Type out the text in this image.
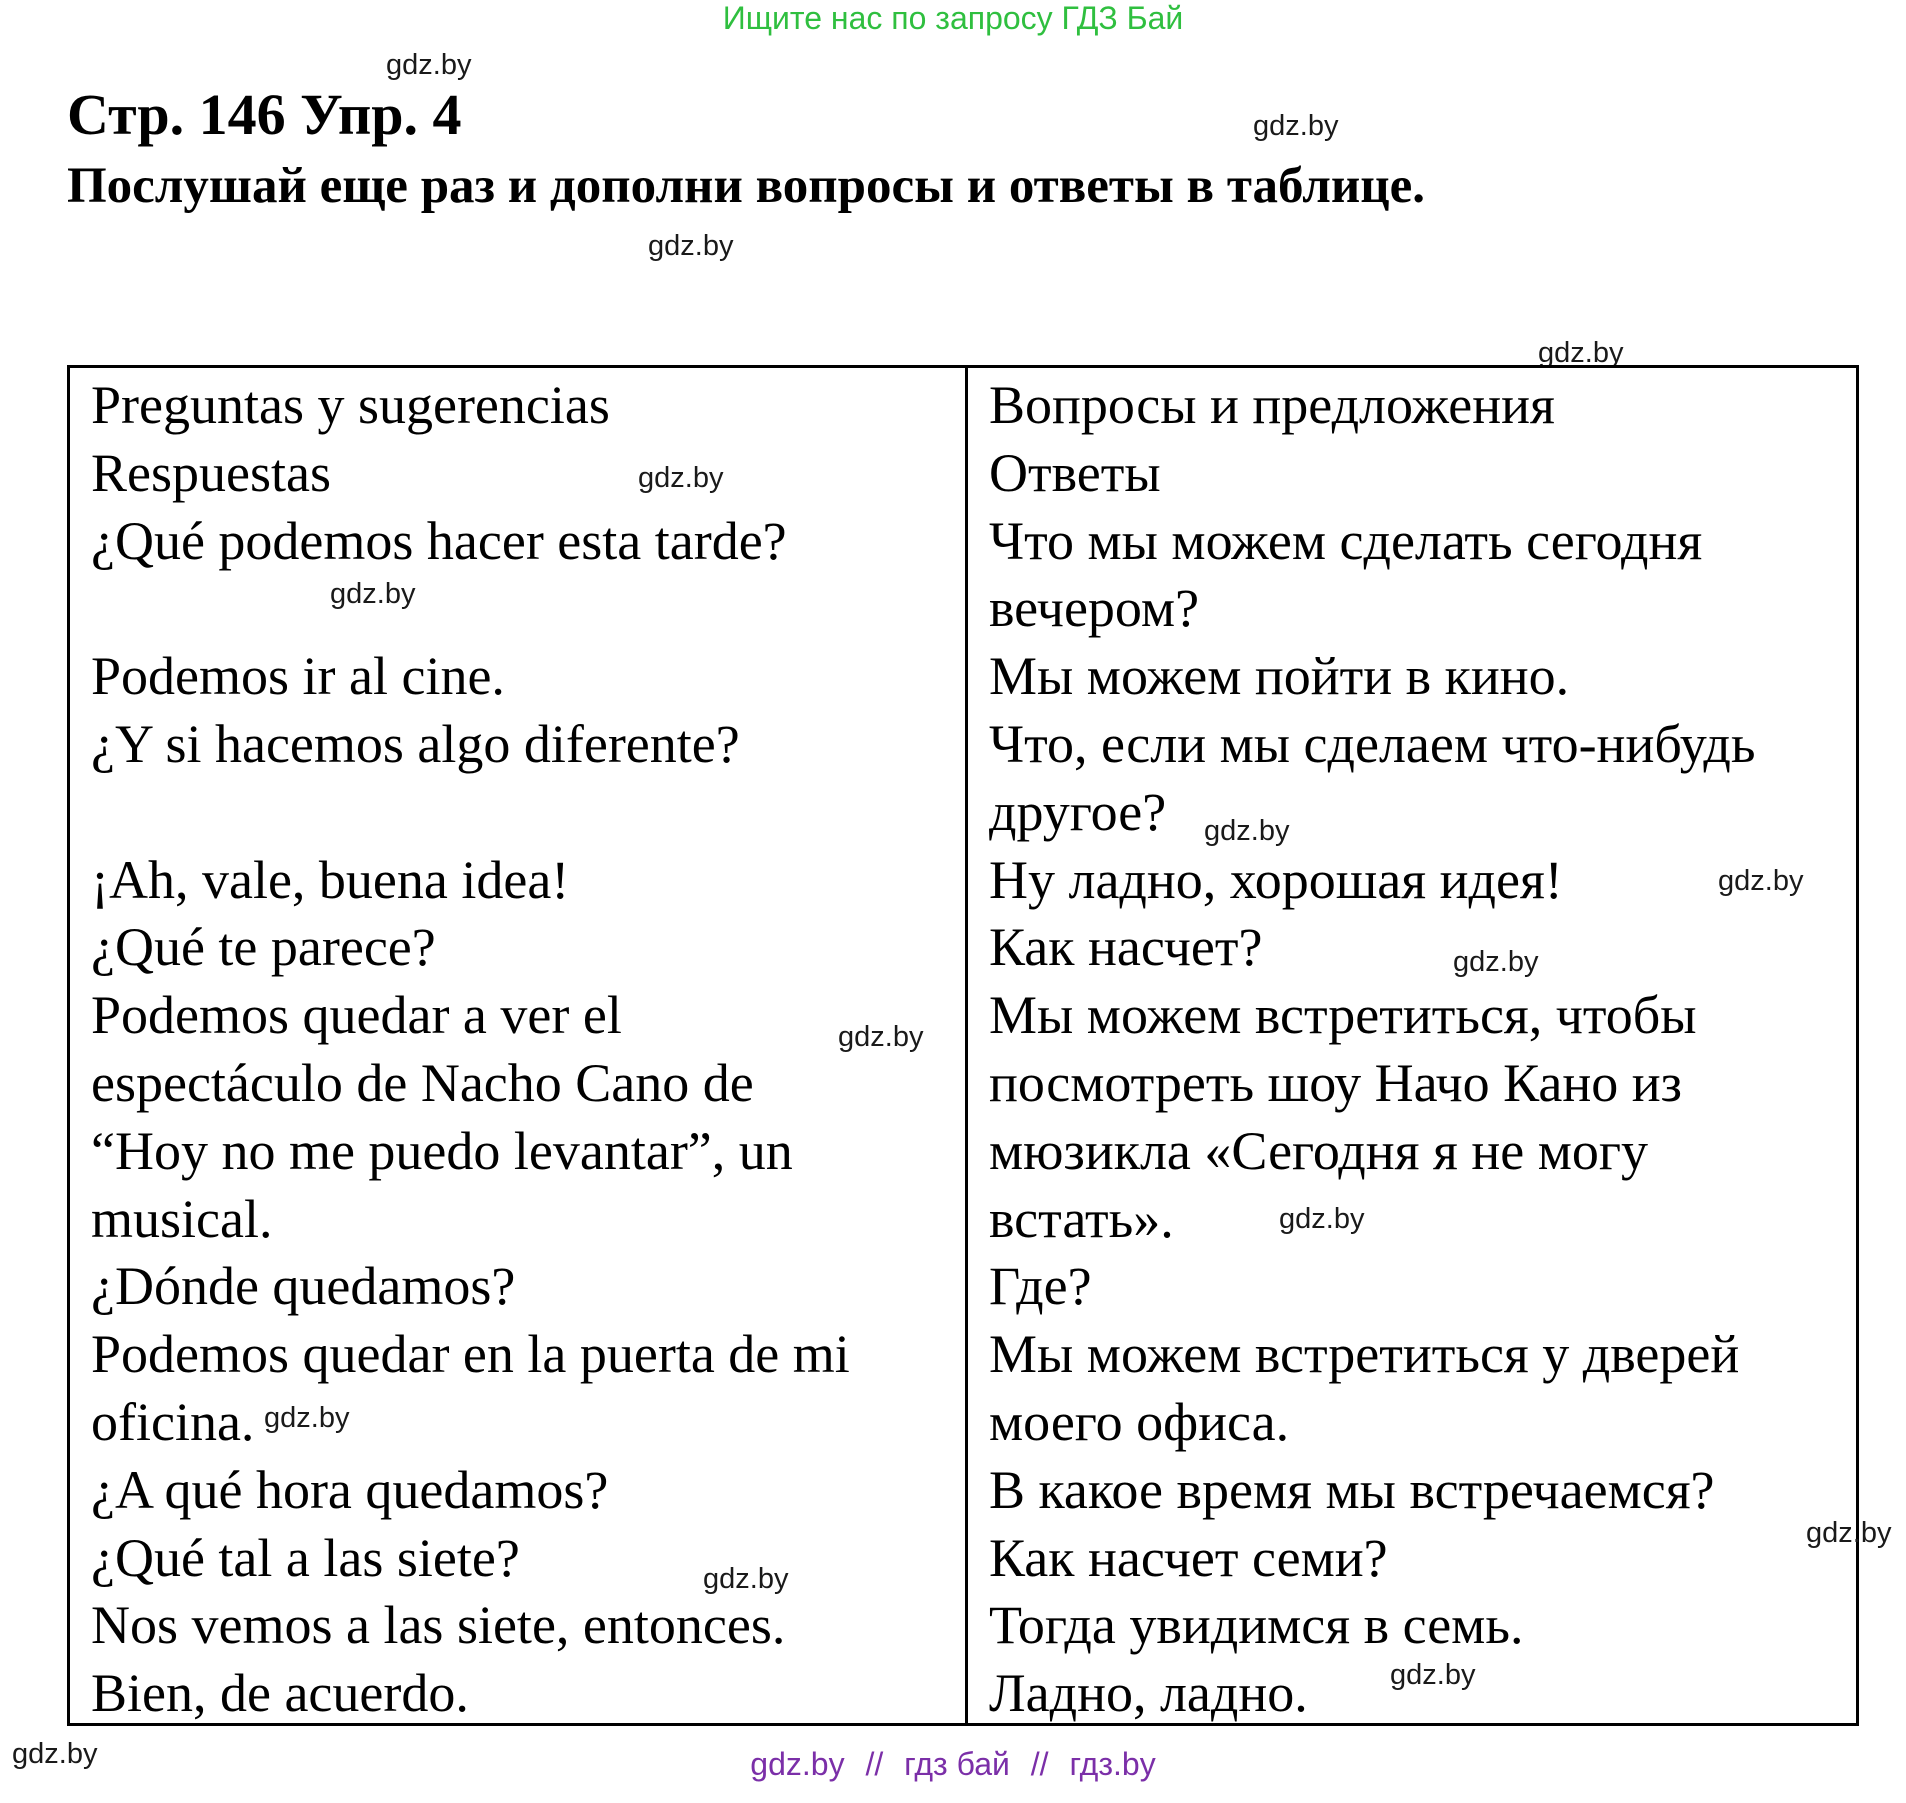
Ищите нас по запросу ГДЗ Бай
gdz.by
Стр. 146 Упр. 4	gdz.by
Послушай еще раз и дополни вопросы и ответы в таблице.
gdz.by
gdz.by
Preguntas y sugerencias
Respuestas
¿Qué podemos hacer esta tarde?
Podemos ir al cine.
¿Y si hacemos algo diferente?
¡Ah, vale, buena idea!
¿Qué te parece?
Podemos quedar a ver el
espectáculo de Nacho Cano de
“Hoy no me puedo levantar”, un
musical.
¿Dónde quedamos?
Podemos quedar en la puerta de mi
oficina.
¿A qué hora quedamos?
¿Qué tal a las siete?
Nos vemos a las siete, entonces.
Bien, de acuerdo.
Вопросы и предложения
Ответы
Что мы можем сделать сегодня
вечером?
Мы можем пойти в кино.
Что, если мы сделаем что-нибудь
другое?
Ну ладно, хорошая идея!
Как насчет?
Мы можем встретиться, чтобы
посмотреть шоу Начо Кано из
мюзикла «Сегодня я не могу
встать».
Где?
Мы можем встретиться у дверей
моего офиса.
В какое время мы встречаемся?
Как насчет семи?
Тогда увидимся в семь.
Ладно, ладно.
gdz.by
gdz.by
gdz.by
gdz.by
gdz.by
gdz.by
gdz.by
gdz.by
gdz.by
gdz.by
gdz.by
gdz.by	gdz.by // гдз бай // гдз.by
